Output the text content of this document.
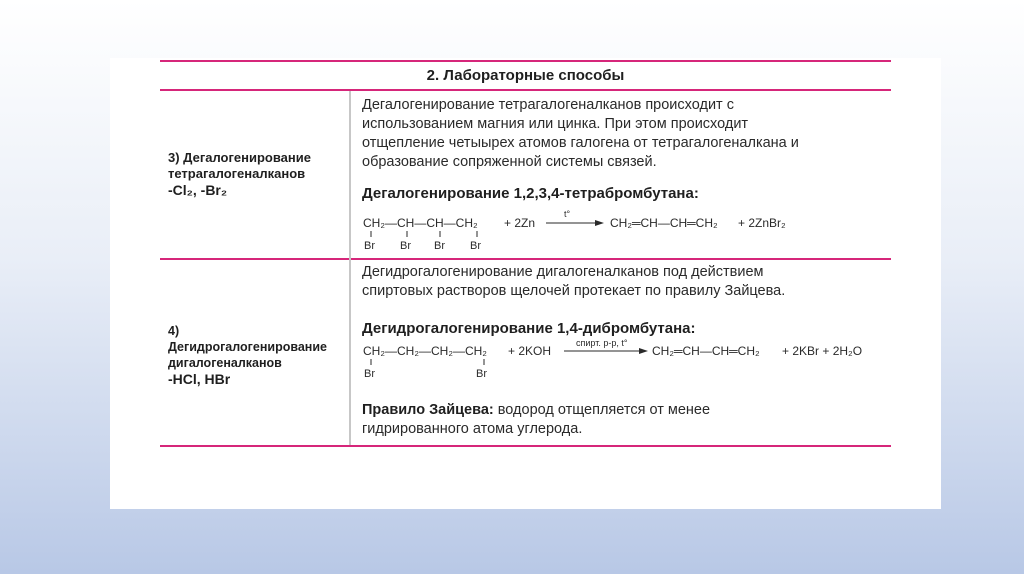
2. Лабораторные способы
3) Дегалогенирование
тетрагалогеналканов
-Cl₂, -Br₂
Дегалогенирование тетрагалогеналканов происходит с
использованием магния или цинка. При этом происходит
отщепление четыырех атомов галогена от тетрагалогеналкана и
образование сопряженной системы связей.
Дегалогенирование 1,2,3,4-тетрабромбутана:
CH₂—CH—CH—CH₂
Br Br Br Br
+ 2Zn
t°
CH₂═CH—CH═CH₂ + 2ZnBr₂
4)
Дегидрогалогенирование
дигалогеналканов
-HCl, HBr
Дегидрогалогенирование дигалогеналканов под действием
спиртовых растворов щелочей протекает по правилу Зайцева.
Дегидрогалогенирование 1,4-дибромбутана:
CH₂—CH₂—CH₂—CH₂
Br	Br
+ 2KOH
спирт. р-р, t°
CH₂═CH—CH═CH₂ + 2KBr + 2H₂O
Правило Зайцева: водород отщепляется от менее
гидрированного атома углерода.
